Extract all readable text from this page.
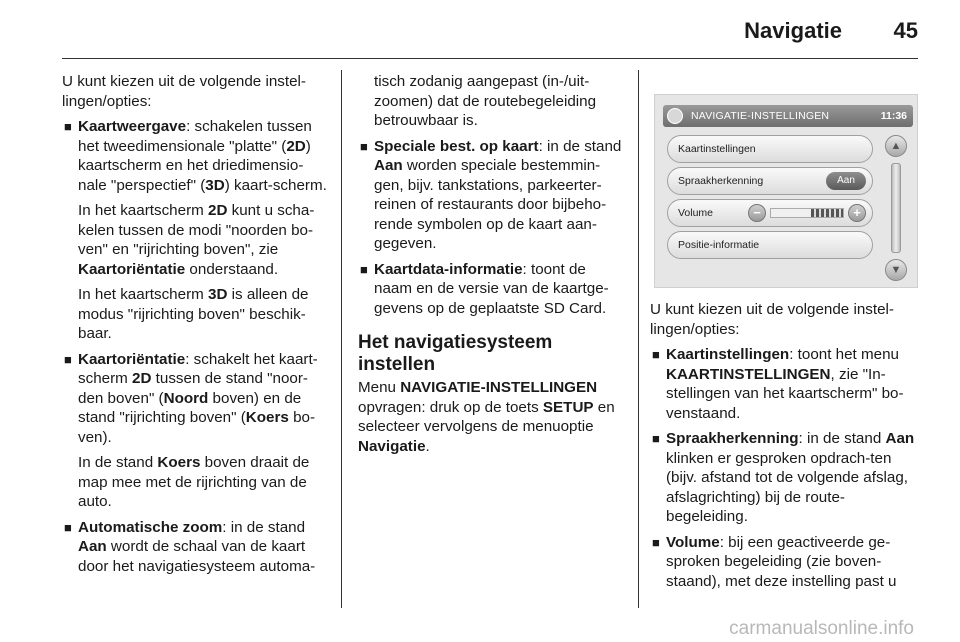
Navigatie 45

U kunt kiezen uit de volgende instel-lingen/opties:

■ Kaartweergave: schakelen tussen het tweedimensionale "platte" (2D) kaartscherm en het driedimensio-nale "perspectief" (3D) kaart-scherm.
In het kaartscherm 2D kunt u scha-kelen tussen de modi "noorden bo-ven" en "rijrichting boven", zie Kaartoriëntatie onderstaand.
In het kaartscherm 3D is alleen de modus "rijrichting boven" beschik-baar.
■ Kaartoriëntatie: schakelt het kaart-scherm 2D tussen de stand "noor-den boven" (Noord boven) en de stand "rijrichting boven" (Koers bo-ven).
In de stand Koers boven draait de map mee met de rijrichting van de auto.
■ Automatische zoom: in de stand Aan wordt de schaal van de kaart door het navigatiesysteem automa-
tisch zodanig aangepast (in-/uit-zoomen) dat de routebegeleiding betrouwbaar is.
■ Speciale best. op kaart: in de stand Aan worden speciale bestemmin-gen, bijv. tankstations, parkeerter-reinen of restaurants door bijbeho-rende symbolen op de kaart aan-gegeven.
■ Kaartdata-informatie: toont de naam en de versie van de kaartge-gevens op de geplaatste SD Card.
Het navigatiesysteem instellen

Menu NAVIGATIE-INSTELLINGEN opvragen: druk op de toets SETUP en selecteer vervolgens de menuoptie Navigatie.

NAVIGATIE-INSTELLINGEN	11:36
Kaartinstellingen
Spraakherkenning	Aan
Volume	−	+
Positie-informatie
▲
▼

U kunt kiezen uit de volgende instel-lingen/opties:

■ Kaartinstellingen: toont het menu KAARTINSTELLINGEN, zie "In-stellingen van het kaartscherm" bo-venstaand.
■ Spraakherkenning: in de stand Aan klinken er gesproken opdrach-ten (bijv. afstand tot de volgende afslag, afslagrichting) bij de route-begeleiding.
■ Volume: bij een geactiveerde ge-sproken begeleiding (zie boven-staand), met deze instelling past u
carmanualsonline.info
